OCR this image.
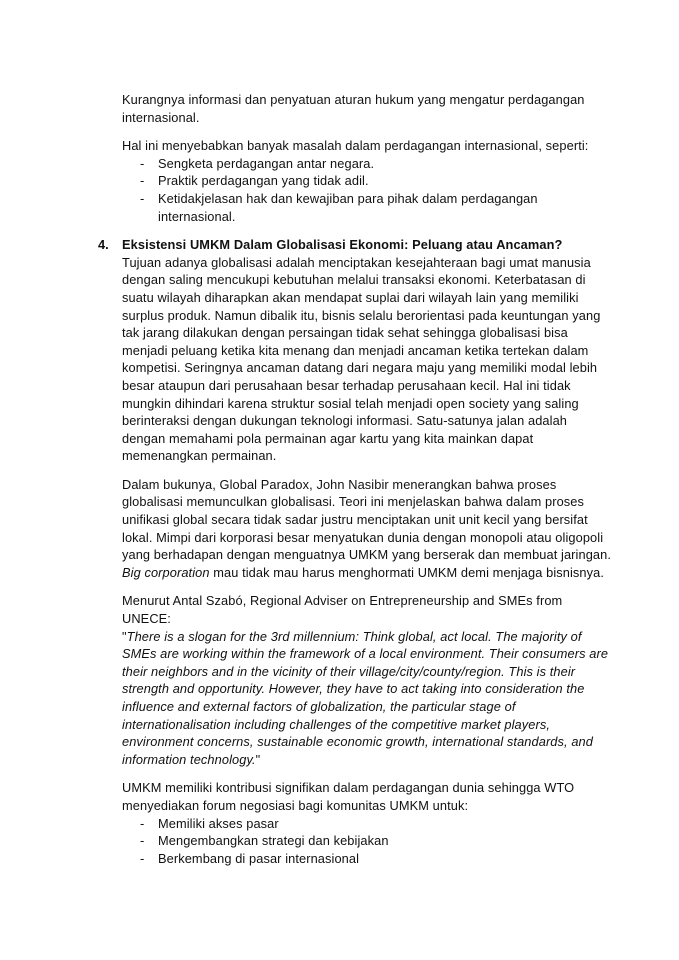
Kurangnya informasi dan penyatuan aturan hukum yang mengatur perdagangan
internasional.
Hal ini menyebabkan banyak masalah dalam perdagangan internasional, seperti:
- Sengketa perdagangan antar negara.
- Praktik perdagangan yang tidak adil.
- Ketidakjelasan hak dan kewajiban para pihak dalam perdagangan
internasional.
4. Eksistensi UMKM Dalam Globalisasi Ekonomi: Peluang atau Ancaman?
Tujuan adanya globalisasi adalah menciptakan kesejahteraan bagi umat manusia
dengan saling mencukupi kebutuhan melalui transaksi ekonomi. Keterbatasan di
suatu wilayah diharapkan akan mendapat suplai dari wilayah lain yang memiliki
surplus produk. Namun dibalik itu, bisnis selalu berorientasi pada keuntungan yang
tak jarang dilakukan dengan persaingan tidak sehat sehingga globalisasi bisa
menjadi peluang ketika kita menang dan menjadi ancaman ketika tertekan dalam
kompetisi. Seringnya ancaman datang dari negara maju yang memiliki modal lebih
besar ataupun dari perusahaan besar terhadap perusahaan kecil. Hal ini tidak
mungkin dihindari karena struktur sosial telah menjadi open society yang saling
berinteraksi dengan dukungan teknologi informasi. Satu-satunya jalan adalah
dengan memahami pola permainan agar kartu yang kita mainkan dapat
memenangkan permainan.
Dalam bukunya, Global Paradox, John Nasibir menerangkan bahwa proses
globalisasi memunculkan globalisasi. Teori ini menjelaskan bahwa dalam proses
unifikasi global secara tidak sadar justru menciptakan unit unit kecil yang bersifat
lokal. Mimpi dari korporasi besar menyatukan dunia dengan monopoli atau oligopoli
yang berhadapan dengan menguatnya UMKM yang berserak dan membuat jaringan.
Big corporation mau tidak mau harus menghormati UMKM demi menjaga bisnisnya.
Menurut Antal Szabó, Regional Adviser on Entrepreneurship and SMEs from
UNECE:
"There is a slogan for the 3rd millennium: Think global, act local. The majority of
SMEs are working within the framework of a local environment. Their consumers are
their neighbors and in the vicinity of their village/city/county/region. This is their
strength and opportunity. However, they have to act taking into consideration the
influence and external factors of globalization, the particular stage of
internationalisation including challenges of the competitive market players,
environment concerns, sustainable economic growth, international standards, and
information technology."
UMKM memiliki kontribusi signifikan dalam perdagangan dunia sehingga WTO
menyediakan forum negosiasi bagi komunitas UMKM untuk:
- Memiliki akses pasar
- Mengembangkan strategi dan kebijakan
- Berkembang di pasar internasional
